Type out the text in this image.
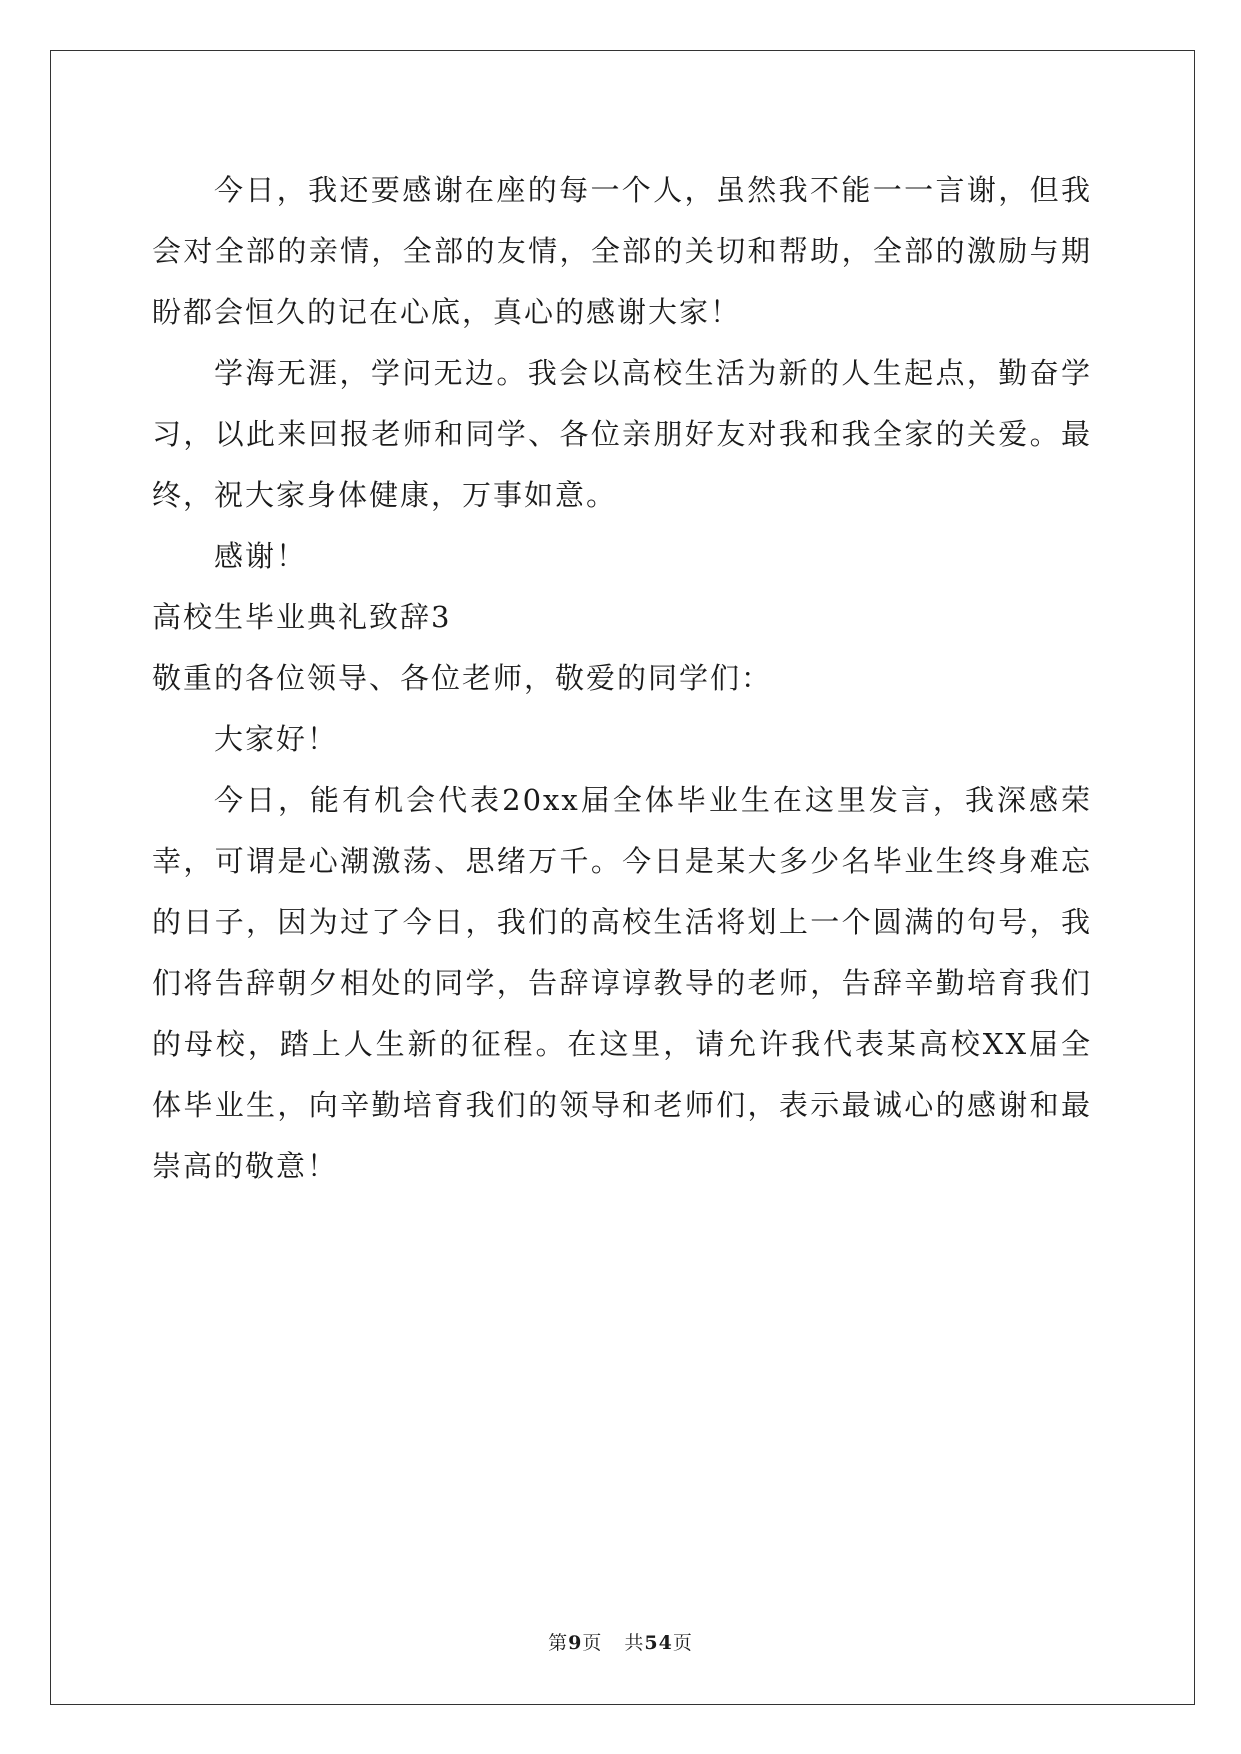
今日，我还要感谢在座的每一个人，虽然我不能一一言谢，但我会对全部的亲情，全部的友情，全部的关切和帮助，全部的激励与期盼都会恒久的记在心底，真心的感谢大家！

学海无涯，学问无边。我会以高校生活为新的人生起点，勤奋学习，以此来回报老师和同学、各位亲朋好友对我和我全家的关爱。最终，祝大家身体健康，万事如意。

感谢！

高校生毕业典礼致辞3

敬重的各位领导、各位老师，敬爱的同学们：

大家好！

今日，能有机会代表20xx届全体毕业生在这里发言，我深感荣幸，可谓是心潮激荡、思绪万千。今日是某大多少名毕业生终身难忘的日子，因为过了今日，我们的高校生活将划上一个圆满的句号，我们将告辞朝夕相处的同学，告辞谆谆教导的老师，告辞辛勤培育我们的母校，踏上人生新的征程。在这里，请允许我代表某高校XX届全体毕业生，向辛勤培育我们的领导和老师们，表示最诚心的感谢和最崇高的敬意！

第9页 共54页
